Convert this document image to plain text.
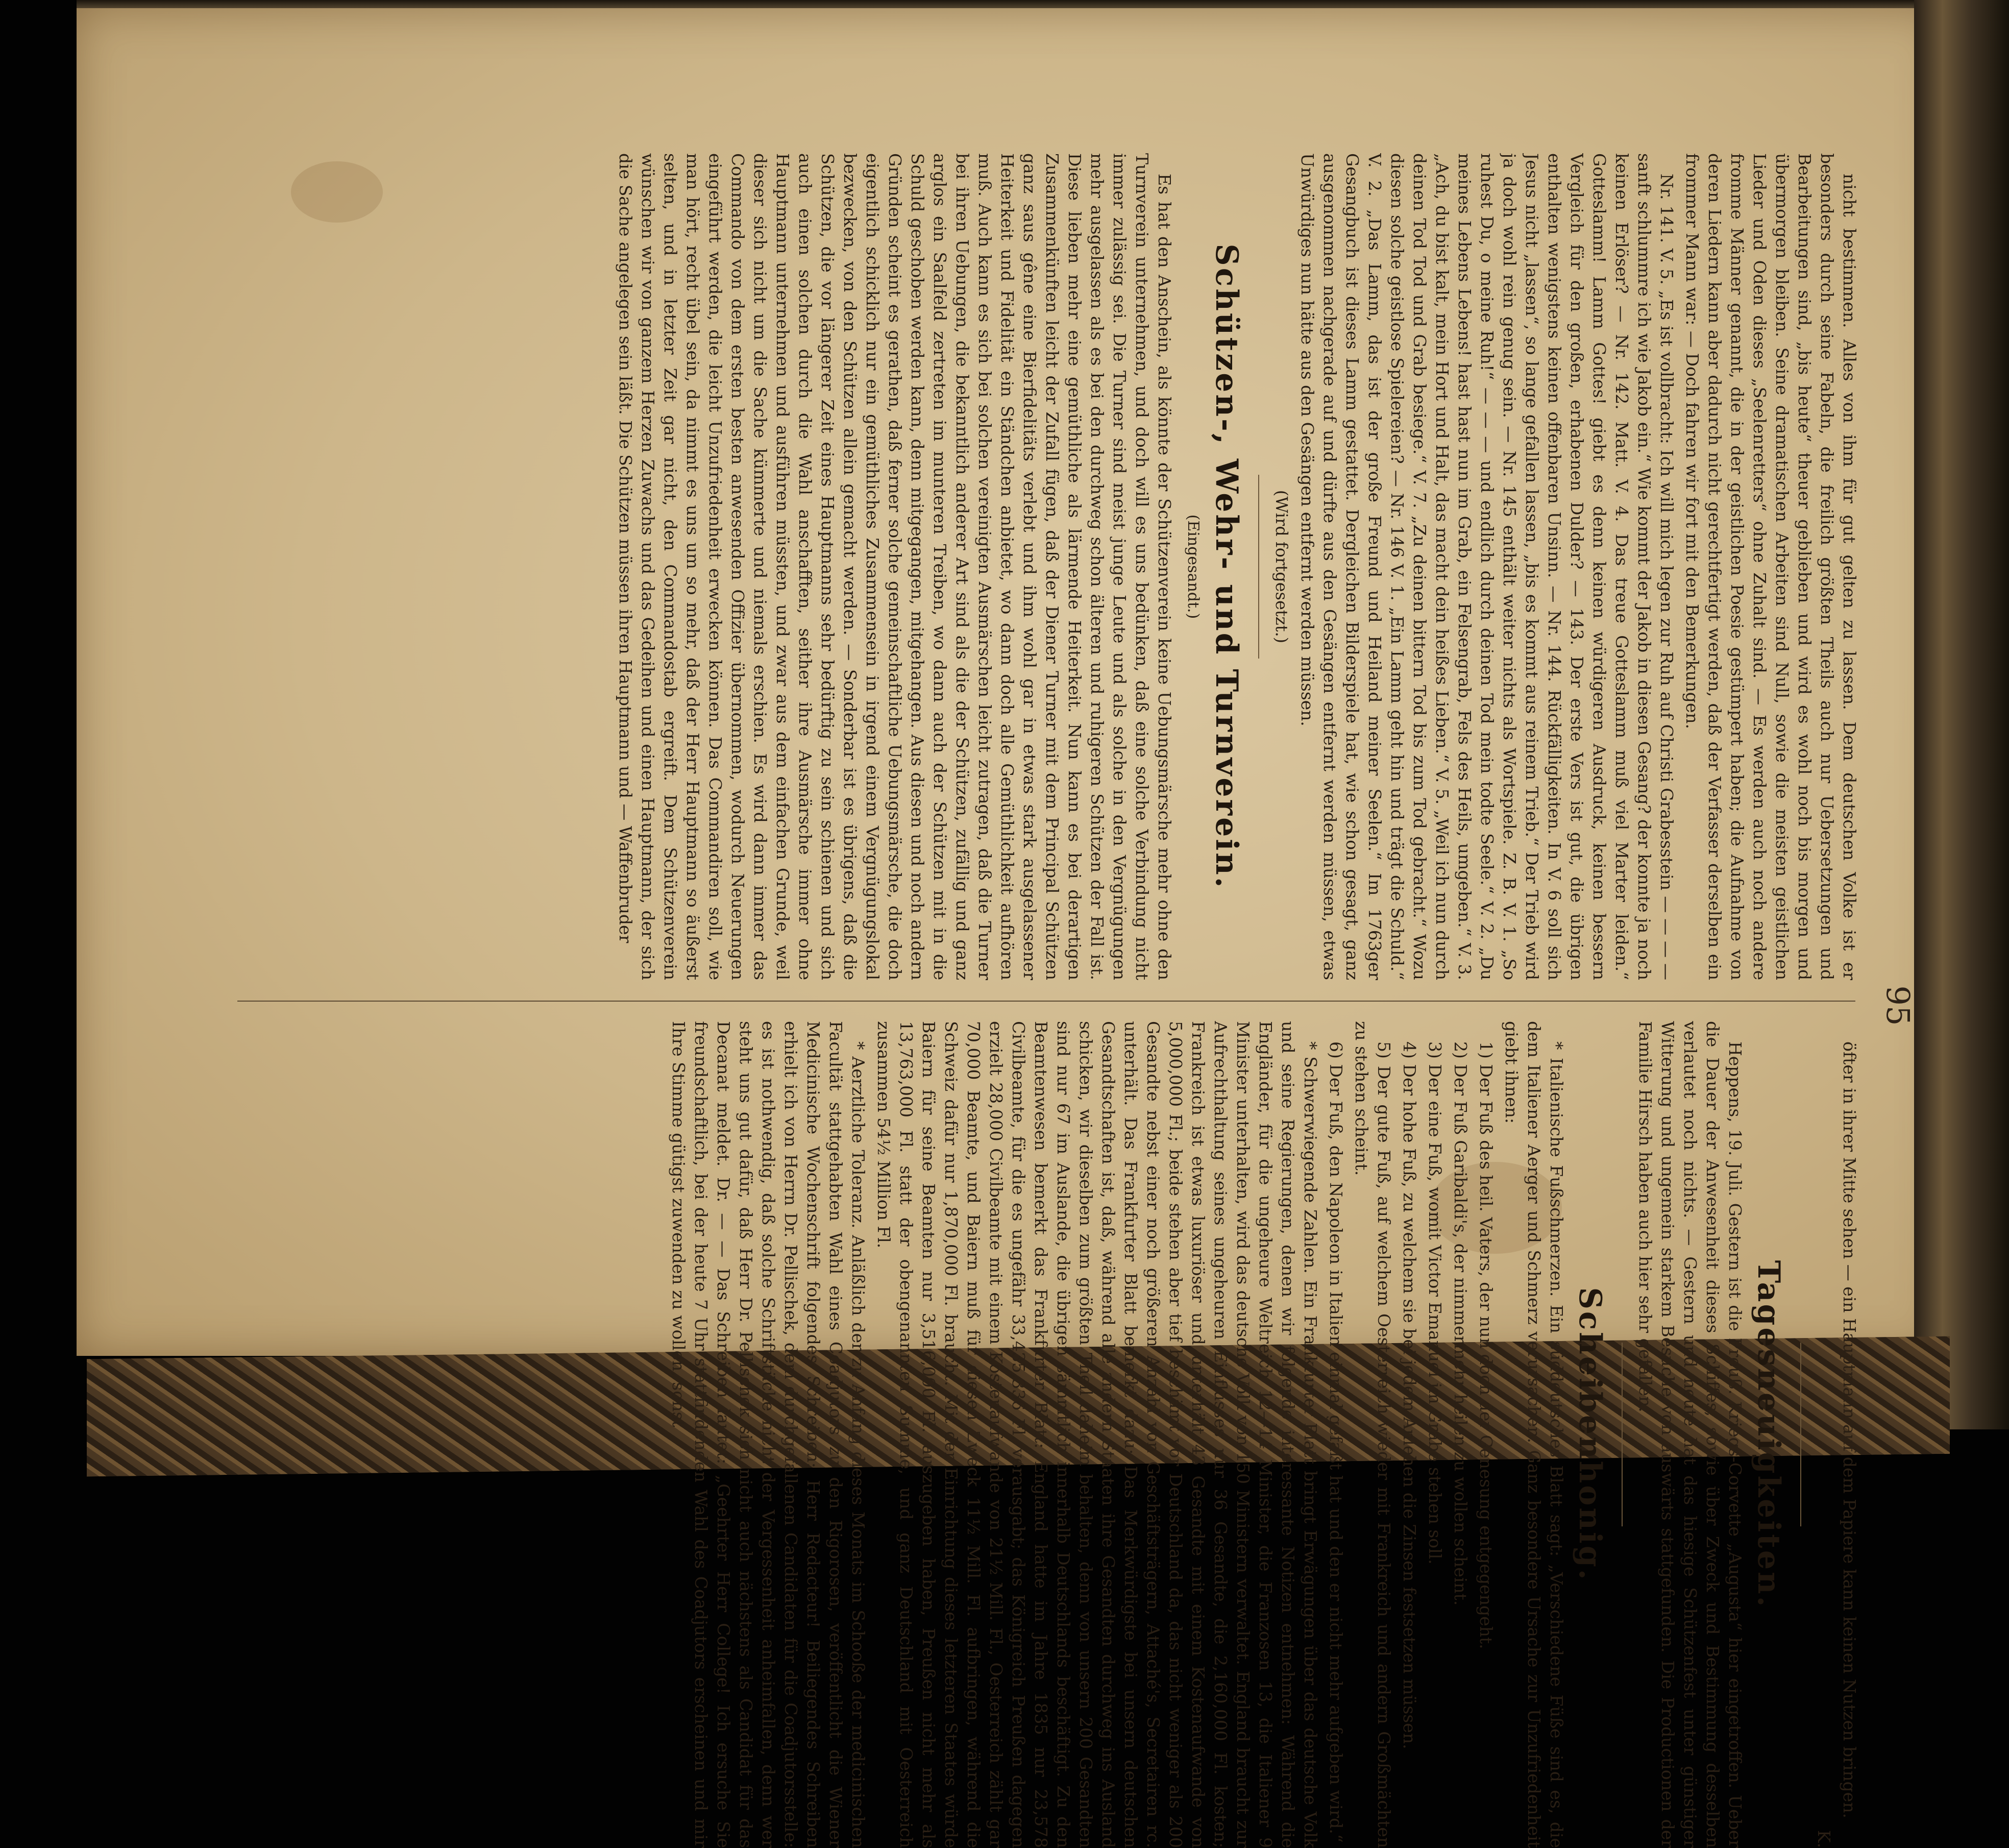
95

nicht bestimmen. Alles von ihm für gut gelten zu lassen. Dem deutschen Volke ist er besonders durch seine Fabeln, die freilich größten Theils auch nur Uebersetzungen und Bearbeitungen sind, „bis heute“ theuer geblieben und wird es wohl noch bis morgen und übermorgen bleiben. Seine dramatischen Arbeiten sind Null, sowie die meisten geistlichen Lieder und Oden dieses „Seelenretters“ ohne Zuhalt sind. — Es werden auch noch andere fromme Männer genannt, die in der geistlichen Poesie gestümpert haben; die Aufnahme von deren Liedern kann aber dadurch nicht gerechtfertigt werden, daß der Verfasser derselben ein frommer Mann war: — Doch fahren wir fort mit den Bemerkungen.

Nr. 141. V. 5. „Es ist vollbracht: Ich will mich legen zur Ruh auf Christi Grabesstein — — — — sanft schlummre ich wie Jakob ein.“ Wie kommt der Jakob in diesen Gesang? der konnte ja noch keinen Erlöser? — Nr. 142. Matt. V. 4. Das treue Gotteslamm muß viel Marter leiden.“ Gotteslamm! Lamm Gottes! giebt es denn keinen würdigeren Ausdruck, keinen bessern Vergleich für den großen, erhabenen Dulder? — 143. Der erste Vers ist gut, die übrigen enthalten wenigstens keinen offenbaren Unsinn. — Nr. 144. Rückfälligkeiten. In V. 6 soll sich Jesus nicht „lassen“, so lange gefallen lassen, „bis es kommt aus reinem Trieb.“ Der Trieb wird ja doch wohl rein genug sein. — Nr. 145 enthält weiter nichts als Wortspiele. Z. B. V. 1. „So ruhest Du, o meine Ruh!“ — — — und endlich durch deinen Tod mein todte Seele.“ V. 2. „Du meines Lebens Lebens! hast hast nun im Grab, ein Felsengrab, Fels des Heils, umgeben.“ V. 3. „Ach, du bist kalt, mein Hort und Halt, das macht dein heißes Lieben.“ V. 5. „Weil ich nun durch deinen Tod Tod und Grab besiege.“ V. 7. „Zu deinen bittern Tod bis zum Tod gebracht.“ Wozu diesen solche geistlose Spielereien? — Nr. 146 V. 1. „Ein Lamm geht hin und trägt die Schuld.“ V. 2. „Das Lamm, das ist der große Freund und Heiland meiner Seelen.“ Im 1763ger Gesangbuch ist dieses Lamm gestattet. Dergleichen Bilderspiele hat, wie schon gesagt, ganz ausgenommen nachgerade auf und dürfte aus den Gesängen entfernt werden müssen, etwas Unwürdiges nun hätte aus den Gesängen entfernt werden müssen.

(Wird fortgesetzt.)
Schützen-, Wehr- und Turnverein.
(Eingesandt.)

Es hat den Anschein, als könnte der Schützenverein keine Uebungsmärsche mehr ohne den Turnverein unternehmen, und doch will es uns bedünken, daß eine solche Verbindung nicht immer zulässig sei. Die Turner sind meist junge Leute und als solche in den Vergnügungen mehr ausgelassen als es bei den durchweg schon älteren und ruhigeren Schützen der Fall ist. Diese lieben mehr eine gemüthliche als lärmende Heiterkeit. Nun kann es bei derartigen Zusammenkünften leicht der Zufall fügen, daß der Diener Turner mit dem Principal Schützen ganz saus gêne eine Bierfidelitäts verlebt und ihm wohl gar in etwas stark ausgelassener Heiterkeit und Fidelität ein Ständchen anbietet, wo dann doch alle Gemüthlichkeit aufhören muß. Auch kann es sich bei solchen vereinigten Ausmärschen leicht zutragen, daß die Turner bei ihren Uebungen, die bekanntlich anderer Art sind als die der Schützen, zufällig und ganz arglos ein Saalfeld zertreten im munteren Treiben, wo dann auch der Schützen mit in die Schuld geschoben werden kann, denn mitgegangen, mitgehangen. Aus diesen und noch andern Gründen scheint es gerathen, daß ferner solche gemeinschaftliche Uebungsmärsche, die doch eigentlich schicklich nur ein gemüthliches Zusammensein in irgend einem Vergnügungslokal bezwecken, von den Schützen allein gemacht werden. — Sonderbar ist es übrigens, daß die Schützen, die vor längerer Zeit eines Hauptmanns sehr bedürftig zu sein schienen und sich auch einen solchen durch die Wahl anschafften, seither ihre Ausmärsche immer ohne Hauptmann unternehmen und ausführen müssten, und zwar aus dem einfachen Grunde, weil dieser sich nicht um die Sache kümmerte und niemals erschien. Es wird dann immer das Commando von dem ersten besten anwesenden Offizier übernommen, wodurch Neuerungen eingeführt werden, die leicht Unzufriedenheit erwecken können. Das Commandiren soll, wie man hört, recht übel sein, da nimmt es uns um so mehr, daß der Herr Hauptmann so äußerst selten, und in letzter Zeit gar nicht, den Commandostab ergreift. Dem Schützenverein wünschen wir von ganzem Herzen Zuwachs und das Gedeihen und einen Hauptmann, der sich die Sache angelegen sein läßt. Die Schützen müssen ihren Hauptmann und — Waffenbruder

öfter in ihrer Mitte sehen — ein Hauptmann auf dem Papiere kann keinen Nutzen bringen.

K.

Tagesneuigkeiten.

Heppens, 19. Juli. Gestern ist die Preuß. Kriegs-Corvette „Augusta“ hier eingetroffen. Ueber die Dauer der Anwesenheit dieses Schiffes, sowie über Zweck und Bestimmung desselben verlautet noch nichts. — Gestern und heute hat das hiesige Schützenfest unter günstiger Witterung und ungemein starkem Besuche von auswärts stattgefunden. Die Productionen der Familie Hirsch haben auch hier sehr gefallen.

Scheibenhonig.

* Italienische Fußschmerzen. Ein süddeutsches Blatt sagt: „Verschiedene Füße sind es, die dem Italiener Aerger und Schmerz verursachen. Ganz besondere Ursache zur Unzufriedenheit giebt ihnen:

1) Der Fuß des heil. Vaters, der nun doch der Genesung entgegengeht.

2) Der Fuß Garibaldi's, der nimmermehr heilen zu wollen scheint.

3) Der eine Fuß, womit Victor Emanuel im Grabe stehen soll.

4) Der hohe Fuß, zu welchem sie bei jedem Anlehen die Zinsen festsetzen müssen.

5) Der gute Fuß, auf welchem Oesterreich wieder mit Frankreich und andern Großmächten zu stehen scheint.

6) Der Fuß, den Napoleon in Italien einmal gefaßt hat und den er nicht mehr aufgeben wird.“

* Schwerwiegende Zahlen. Ein Frankfurter Blatt bringt Erwägungen über das deutsche Volk und seine Regierungen, denen wir folgende interessante Notizen entnehmen: Während die Engländer, für die ungeheure Weltreich 12—14 Minister, die Franzosen 13, die Italiener 9 Minister unterhalten, wird das deutsche Volk von 150 Ministern verwaltet. England braucht zur Aufrechthaltung seines ungeheuren Einflusses nur 36 Gesandte, die 2,160,000 Fl. kosten; Frankreich ist etwas luxuriöser und unterhält 43 Gesandte mit einem Kostenaufwande von 5,000,000 Fl.; beide stehen aber tief beschämt vor Deutschland da, das nicht weniger als 200 Gesandte nebst einer noch größeren Anzahl von Geschäftsträgern, Attaché's, Secretairen rc. unterhält. Das Frankfurter Blatt bemerkt dazu: Das Merkwürdigste bei unsern deutschen Gesandtschaften ist, daß, während alle andern Staaten ihre Gesandten durchweg ins Ausland schicken, wir dieselben zum größten Theil daheim behalten, denn von unsern 200 Gesandten sind nur 67 im Auslande, die übrigen sämmtlich innerhalb Deutschlands beschäftigt. Zu den Beamtenwesen bemerkt das Frankfurter Blatt: England hatte im Jahre 1835 nur 23,578 Civilbeamte, für die es ungefähr 33,435,336 Fl. verausgabt; das Königreich Preußen dagegen erzielt 28,000 Civilbeamte mit einem Kostenaufwande von 21½ Mill. Fl., Oesterreich zählt gar 70,000 Beamte, und Baiern muß für diesen Zweck 11½ Mill. Fl. aufbringen, während die Schweiz dafür nur 1,870,000 Fl. braucht. Mit der Einrichtung dieses letzteren Staates würde Baiern für seine Beamten nur 3,516,000 Fl. auszugeben haben, Preußen nicht mehr als 13,763,000 Fl. statt der obengenannten Summe, und ganz Deutschland mit Oesterreich zusammen 54½ Million Fl.

* Aerztliche Toleranz. Anläßlich der zu Anfang dieses Monats im Schooße der medicinischen Facultät stattgehabten Wahl eines Coadjutors zu den Rigorosen, veröffentlicht die Wiener Medicinische Wochenschrift folgendes Schreiben: Herr Redacteur! Beiliegendes Schreiben erhielt ich von Herrn Dr. Pellischek, dem durchgefallenen Candidaten für die Coadjutorsstelle: es ist nothwendig, daß solche Schriftstücke nicht der Vergessenheit anheimfallen, denn wer steht uns gut dafür, daß Herr Dr. Pellischek sich nicht auch nächstens als Candidat für das Decanat meldet. Dr. — — Das Schreiben lautet: „Geehrter Herr College! Ich ersuche Sie freundschaftlich, bei der heute 7 Uhr stattfindenden Wahl des Coadjutors erscheinen und mir Ihre Stimme gütigst zuwenden zu wollen, sonst
